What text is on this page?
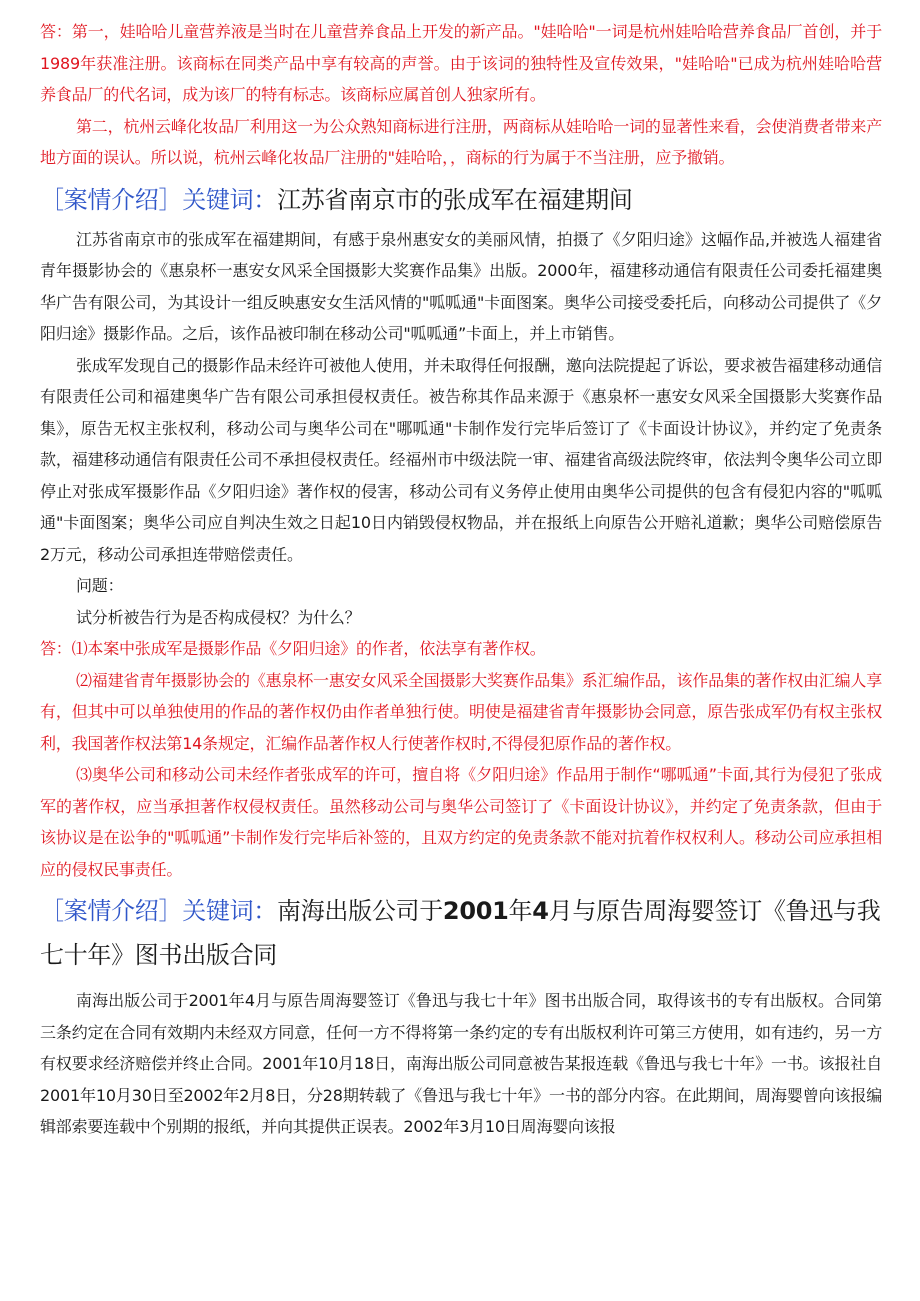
答：第一，娃哈哈儿童营养液是当时在儿童营养食品上开发的新产品。"娃哈哈"一词是杭州娃哈哈营养食品厂首创，并于1989年获准注册。该商标在同类产品中享有较高的声誉。由于该词的独特性及宣传效果，"娃哈哈"已成为杭州娃哈哈营养食品厂的代名词，成为该厂的特有标志。该商标应属首创人独家所有。

第二，杭州云峰化妆品厂利用这一为公众熟知商标进行注册，两商标从娃哈哈一词的显著性来看，会使消费者带来产地方面的误认。所以说，杭州云峰化妆品厂注册的"娃哈哈，，商标的行为属于不当注册，应予撤销。

［案情介绍］关键词：江苏省南京市的张成军在福建期间

江苏省南京市的张成军在福建期间，有感于泉州惠安女的美丽风情，拍摄了《夕阳归途》这幅作品,并被选人福建省青年摄影协会的《惠泉杯一惠安女风采全国摄影大奖赛作品集》出版。2000年，福建移动通信有限责任公司委托福建奥华广告有限公司，为其设计一组反映惠安女生活风情的"呱呱通"卡面图案。奥华公司接受委托后，向移动公司提供了《夕阳归途》摄影作品。之后，该作品被印制在移动公司"呱呱通”卡面上，并上市销售。

张成军发现自己的摄影作品未经许可被他人使用，并未取得任何报酬，邀向法院提起了诉讼，要求被告福建移动通信有限责任公司和福建奥华广告有限公司承担侵权责任。被告称其作品来源于《惠泉杯一惠安女风采全国摄影大奖赛作品集》，原告无权主张权利，移动公司与奥华公司在"哪呱通"卡制作发行完毕后签订了《卡面设计协议》，并约定了免责条款，福建移动通信有限责任公司不承担侵权责任。经福州市中级法院一审、福建省高级法院终审，依法判令奥华公司立即停止对张成军摄影作品《夕阳归途》著作权的侵害，移动公司有义务停止使用由奥华公司提供的包含有侵犯内容的"呱呱通"卡面图案；奥华公司应自判决生效之日起10日内销毁侵权物品，并在报纸上向原告公开赔礼道歉；奥华公司赔偿原告2万元，移动公司承担连带赔偿责任。

问题：

试分析被告行为是否构成侵权？为什么？

答：⑴本案中张成军是摄影作品《夕阳归途》的作者，依法享有著作权。

⑵福建省青年摄影协会的《惠泉杯一惠安女风采全国摄影大奖赛作品集》系汇编作品，该作品集的著作权由汇编人享有，但其中可以单独使用的作品的著作权仍由作者单独行使。明使是福建省青年摄影协会同意，原告张成军仍有权主张权利，我国著作权法第14条规定，汇编作品著作权人行使著作权时,不得侵犯原作品的著作权。

⑶奥华公司和移动公司未经作者张成军的许可，擅自将《夕阳归途》作品用于制作“哪呱通”卡面,其行为侵犯了张成军的著作权，应当承担著作权侵权责任。虽然移动公司与奥华公司签订了《卡面设计协议》，并约定了免责条款，但由于该协议是在讼争的"呱呱通”卡制作发行完毕后补签的，且双方约定的免责条款不能对抗着作权权利人。移动公司应承担相应的侵权民事责任。

［案情介绍］关键词：南海出版公司于2001年4月与原告周海婴签订《鲁迅与我七十年》图书出版合同

南海出版公司于2001年4月与原告周海婴签订《鲁迅与我七十年》图书出版合同，取得该书的专有出版权。合同第三条约定在合同有效期内未经双方同意，任何一方不得将第一条约定的专有出版权利许可第三方使用，如有违约，另一方有权要求经济赔偿并终止合同。2001年10月18日，南海出版公司同意被告某报连载《鲁迅与我七十年》一书。该报社自2001年10月30日至2002年2月8日，分28期转载了《鲁迅与我七十年》一书的部分内容。在此期间，周海婴曾向该报编辑部索要连载中个别期的报纸，并向其提供正误表。2002年3月10日周海婴向该报
